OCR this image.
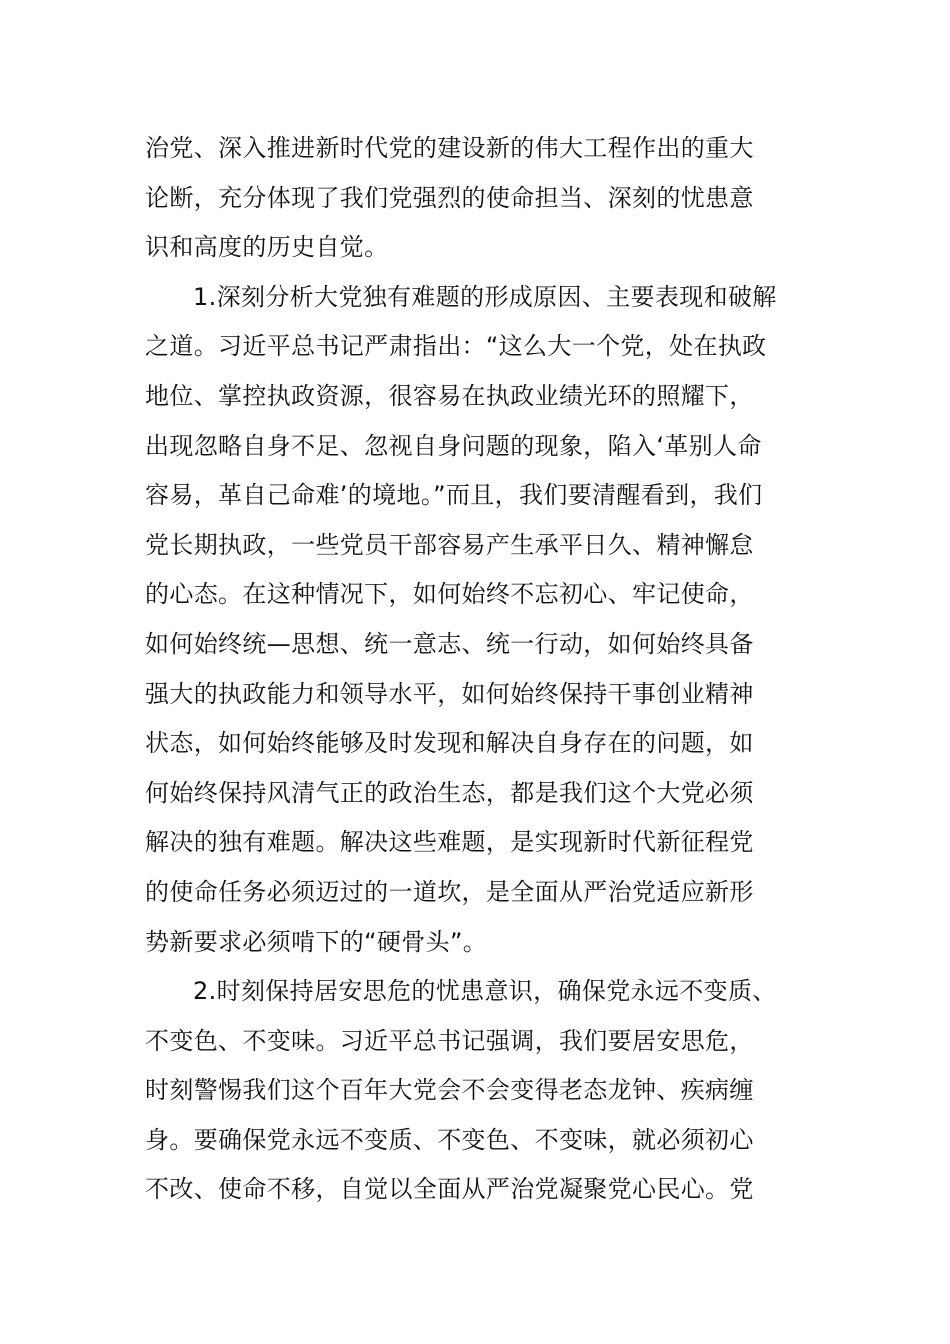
治党、深入推进新时代党的建设新的伟大工程作出的重大
论断，充分体现了我们党强烈的使命担当、深刻的忧患意
识和高度的历史自觉。
1.深刻分析大党独有难题的形成原因、主要表现和破解
之道。习近平总书记严肃指出：“这么大一个党，处在执政
地位、掌控执政资源，很容易在执政业绩光环的照耀下，
出现忽略自身不足、忽视自身问题的现象，陷入‘革别人命
容易，革自己命难’的境地。”而且，我们要清醒看到，我们
党长期执政，一些党员干部容易产生承平日久、精神懈怠
的心态。在这种情况下，如何始终不忘初心、牢记使命，
如何始终统—思想、统一意志、统一行动，如何始终具备
强大的执政能力和领导水平，如何始终保持干事创业精神
状态，如何始终能够及时发现和解决自身存在的问题，如
何始终保持风清气正的政治生态，都是我们这个大党必须
解决的独有难题。解决这些难题，是实现新时代新征程党
的使命任务必须迈过的一道坎，是全面从严治党适应新形
势新要求必须啃下的“硬骨头”。
2.时刻保持居安思危的忧患意识，确保党永远不变质、
不变色、不变味。习近平总书记强调，我们要居安思危，
时刻警惕我们这个百年大党会不会变得老态龙钟、疾病缠
身。要确保党永远不变质、不变色、不变味，就必须初心
不改、使命不移，自觉以全面从严治党凝聚党心民心。党
